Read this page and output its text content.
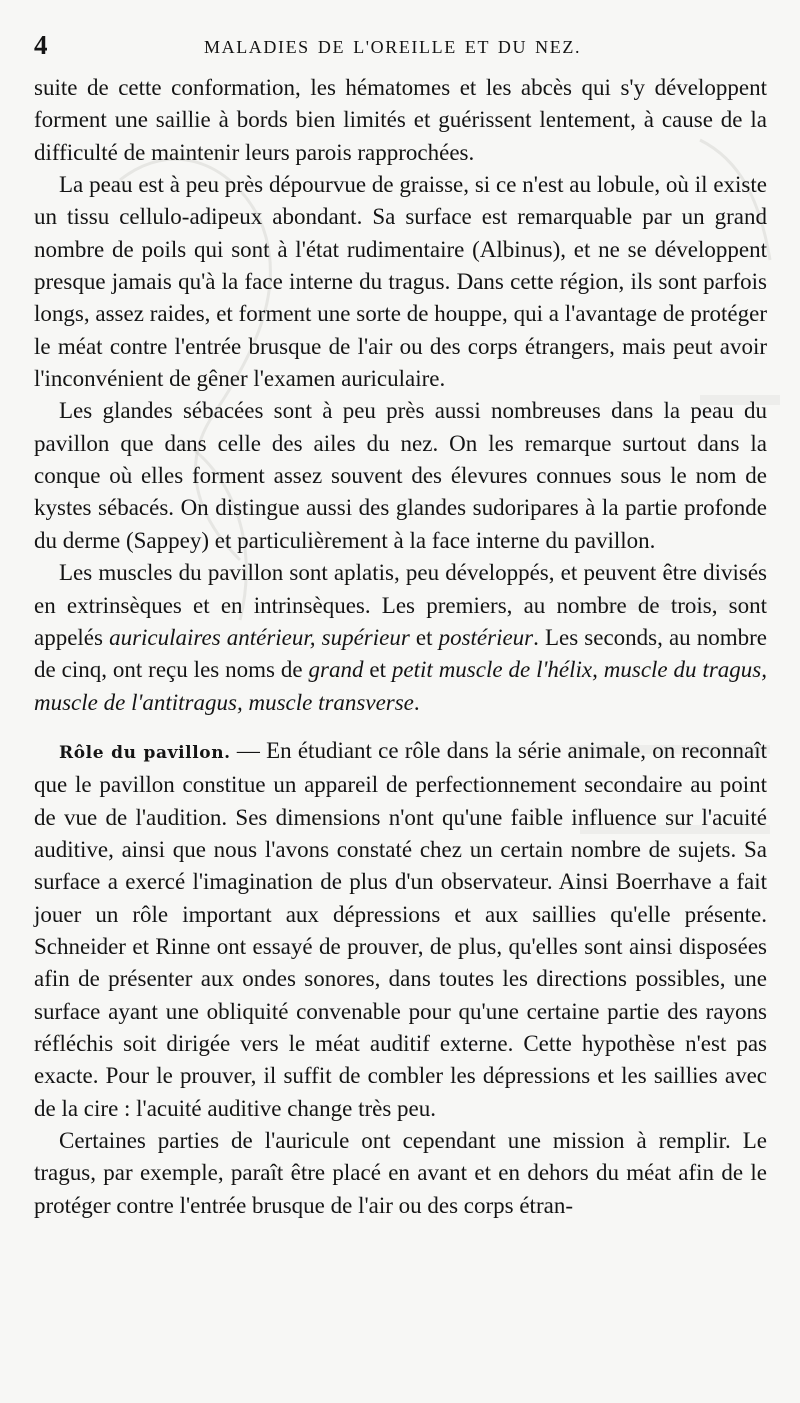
4	MALADIES DE L'OREILLE ET DU NEZ.

suite de cette conformation, les hématomes et les abcès qui s'y développent forment une saillie à bords bien limités et guérissent lentement, à cause de la difficulté de maintenir leurs parois rapprochées.

La peau est à peu près dépourvue de graisse, si ce n'est au lobule, où il existe un tissu cellulo-adipeux abondant. Sa surface est remarquable par un grand nombre de poils qui sont à l'état rudimentaire (Albinus), et ne se développent presque jamais qu'à la face interne du tragus. Dans cette région, ils sont parfois longs, assez raides, et forment une sorte de houppe, qui a l'avantage de protéger le méat contre l'entrée brusque de l'air ou des corps étrangers, mais peut avoir l'inconvénient de gêner l'examen auriculaire.

Les glandes sébacées sont à peu près aussi nombreuses dans la peau du pavillon que dans celle des ailes du nez. On les remarque surtout dans la conque où elles forment assez souvent des élevures connues sous le nom de kystes sébacés. On distingue aussi des glandes sudoripares à la partie profonde du derme (Sappey) et particulièrement à la face interne du pavillon.

Les muscles du pavillon sont aplatis, peu développés, et peuvent être divisés en extrinsèques et en intrinsèques. Les premiers, au nombre de trois, sont appelés auriculaires antérieur, supérieur et postérieur. Les seconds, au nombre de cinq, ont reçu les noms de grand et petit muscle de l'hélix, muscle du tragus, muscle de l'antitragus, muscle transverse.

Rôle du pavillon. — En étudiant ce rôle dans la série animale, on reconnaît que le pavillon constitue un appareil de perfectionnement secondaire au point de vue de l'audition. Ses dimensions n'ont qu'une faible influence sur l'acuité auditive, ainsi que nous l'avons constaté chez un certain nombre de sujets. Sa surface a exercé l'imagination de plus d'un observateur. Ainsi Boerrhave a fait jouer un rôle important aux dépressions et aux saillies qu'elle présente. Schneider et Rinne ont essayé de prouver, de plus, qu'elles sont ainsi disposées afin de présenter aux ondes sonores, dans toutes les directions possibles, une surface ayant une obliquité convenable pour qu'une certaine partie des rayons réfléchis soit dirigée vers le méat auditif externe. Cette hypothèse n'est pas exacte. Pour le prouver, il suffit de combler les dépressions et les saillies avec de la cire : l'acuité auditive change très peu.

Certaines parties de l'auricule ont cependant une mission à remplir. Le tragus, par exemple, paraît être placé en avant et en dehors du méat afin de le protéger contre l'entrée brusque de l'air ou des corps étran-
